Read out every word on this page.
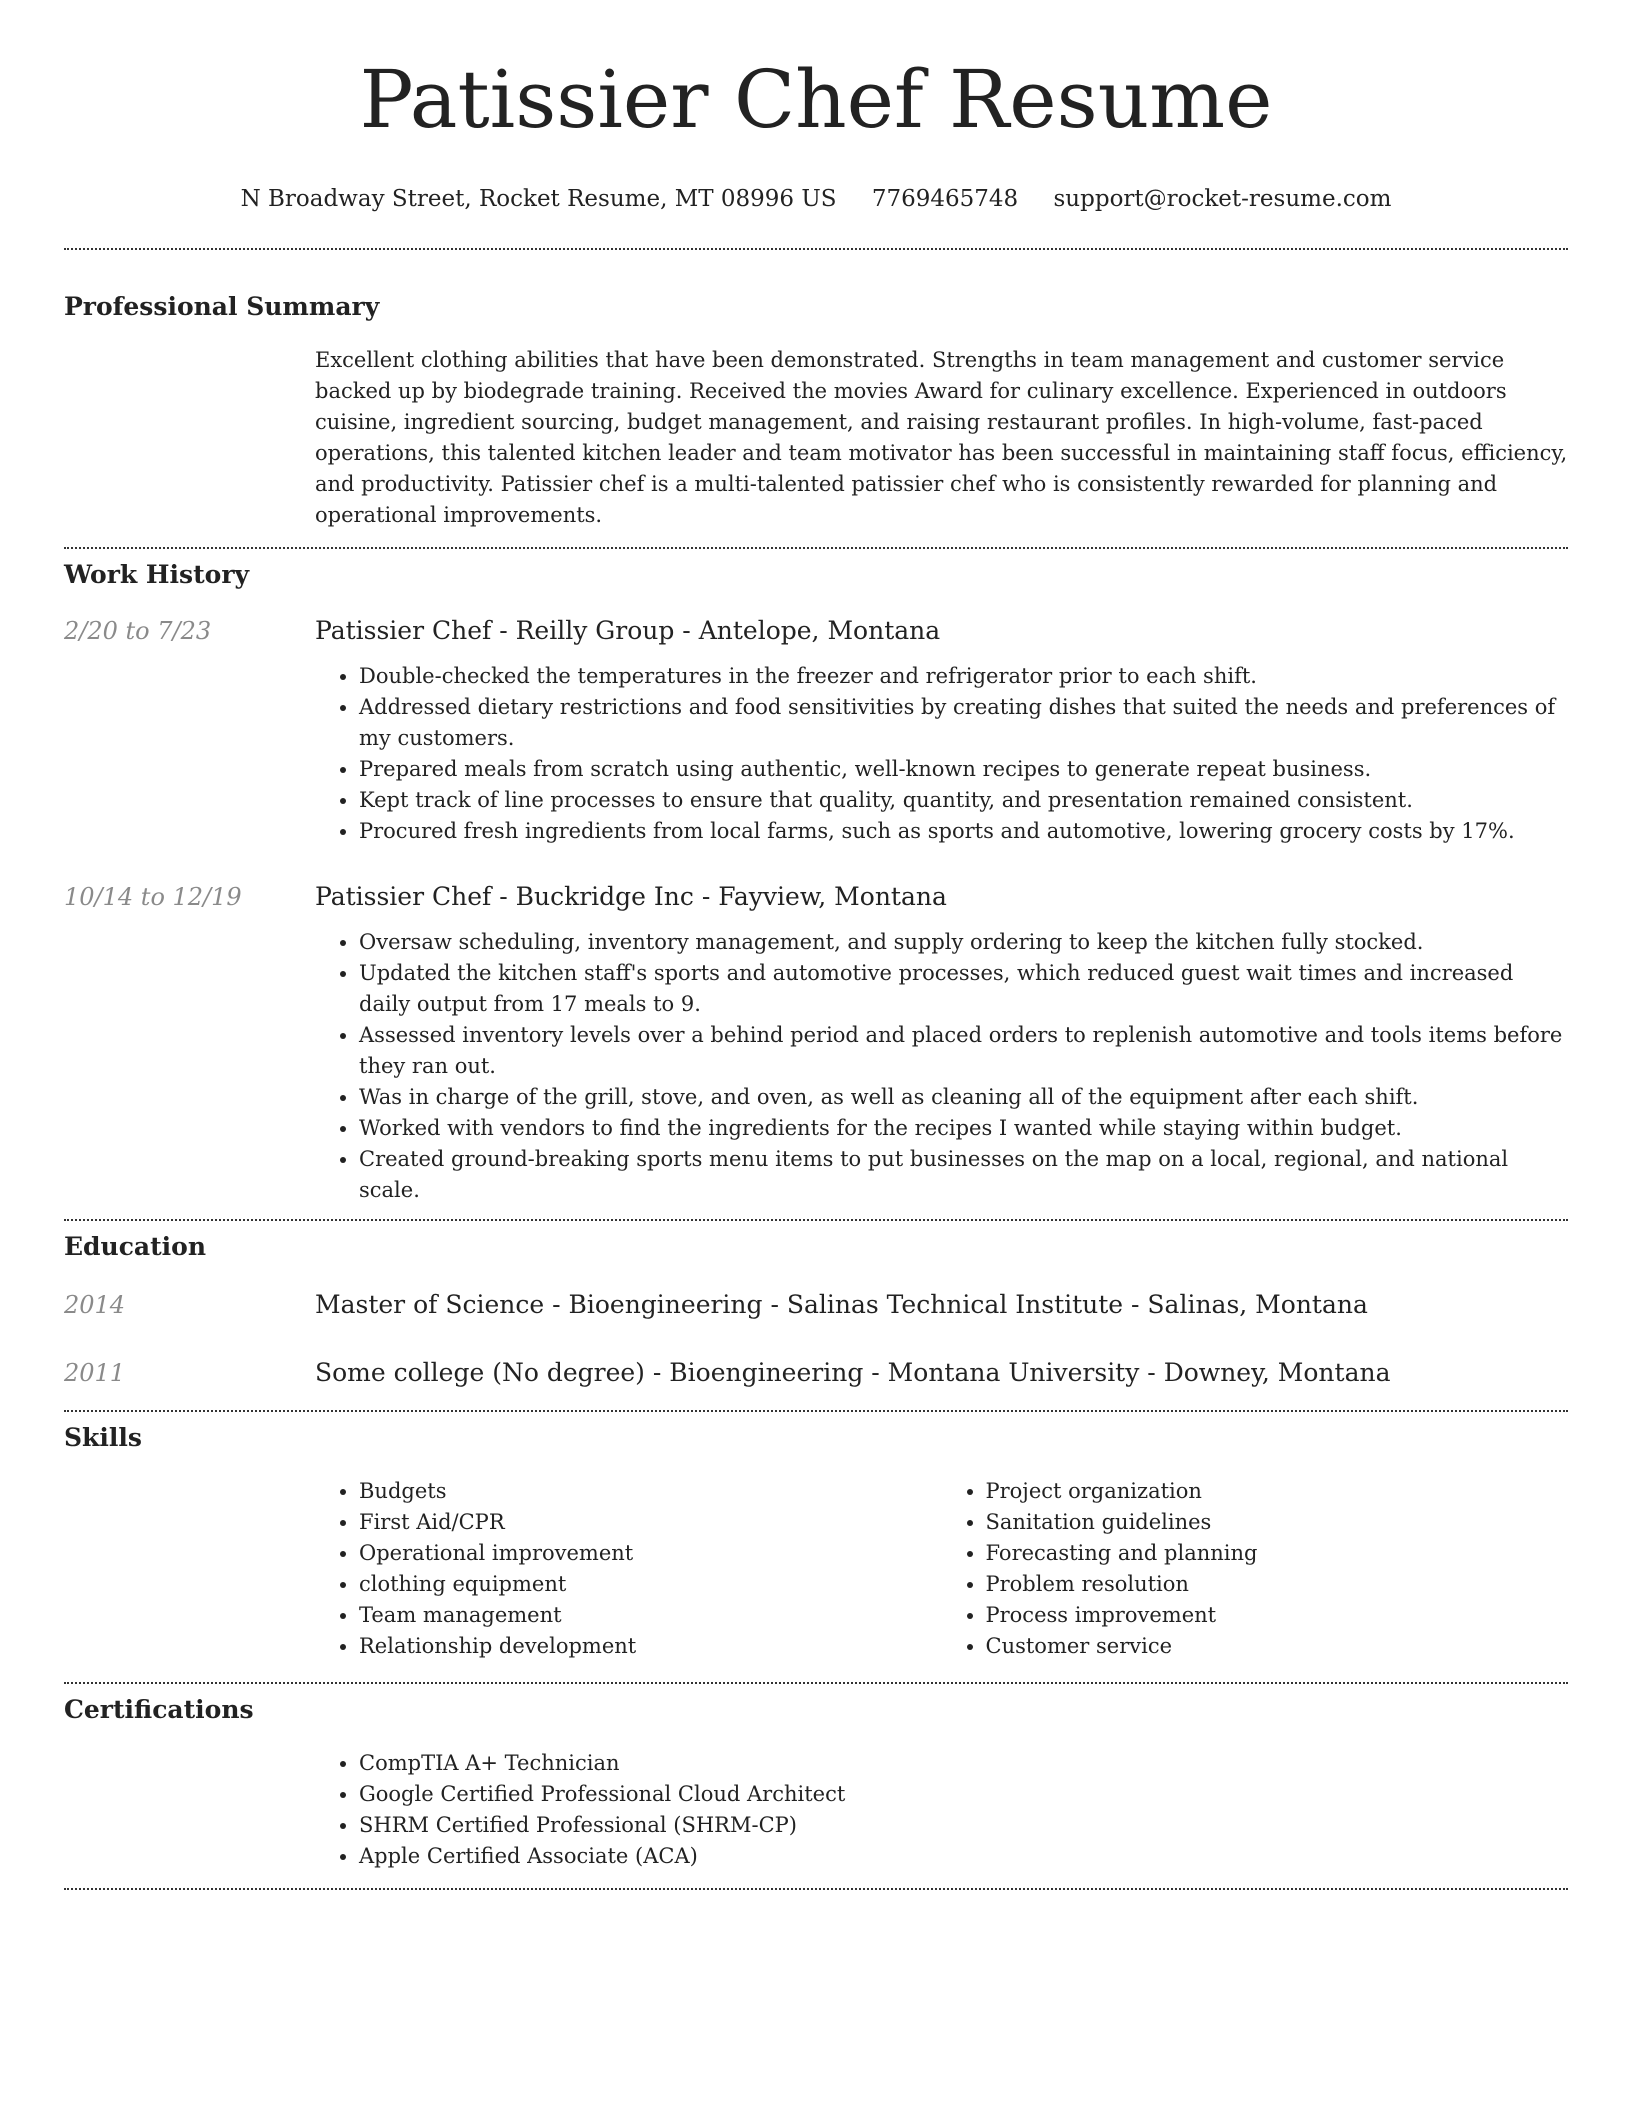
Patissier Chef Resume
N Broadway Street, Rocket Resume, MT 08996 US 7769465748 support@rocket-resume.com
Professional Summary

Excellent clothing abilities that have been demonstrated. Strengths in team management and customer service backed up by biodegrade training. Received the movies Award for culinary excellence. Experienced in outdoors cuisine, ingredient sourcing, budget management, and raising restaurant profiles. In high-volume, fast-paced operations, this talented kitchen leader and team motivator has been successful in maintaining staff focus, efficiency, and productivity. Patissier chef is a multi-talented patissier chef who is consistently rewarded for planning and operational improvements.

Work History
2/20 to 7/23	Patissier Chef - Reilly Group - Antelope, Montana
• Double-checked the temperatures in the freezer and refrigerator prior to each shift.
• Addressed dietary restrictions and food sensitivities by creating dishes that suited the needs and preferences of my customers.
• Prepared meals from scratch using authentic, well-known recipes to generate repeat business.
• Kept track of line processes to ensure that quality, quantity, and presentation remained consistent.
• Procured fresh ingredients from local farms, such as sports and automotive, lowering grocery costs by 17%.
10/14 to 12/19	Patissier Chef - Buckridge Inc - Fayview, Montana
• Oversaw scheduling, inventory management, and supply ordering to keep the kitchen fully stocked.
• Updated the kitchen staff's sports and automotive processes, which reduced guest wait times and increased daily output from 17 meals to 9.
• Assessed inventory levels over a behind period and placed orders to replenish automotive and tools items before they ran out.
• Was in charge of the grill, stove, and oven, as well as cleaning all of the equipment after each shift.
• Worked with vendors to find the ingredients for the recipes I wanted while staying within budget.
• Created ground-breaking sports menu items to put businesses on the map on a local, regional, and national scale.
Education
2014	Master of Science - Bioengineering - Salinas Technical Institute - Salinas, Montana
2011	Some college (No degree) - Bioengineering - Montana University - Downey, Montana
Skills
• Budgets
• First Aid/CPR
• Operational improvement
• clothing equipment
• Team management
• Relationship development
• Project organization
• Sanitation guidelines
• Forecasting and planning
• Problem resolution
• Process improvement
• Customer service
Certifications
• CompTIA A+ Technician
• Google Certified Professional Cloud Architect
• SHRM Certified Professional (SHRM-CP)
• Apple Certified Associate (ACA)
